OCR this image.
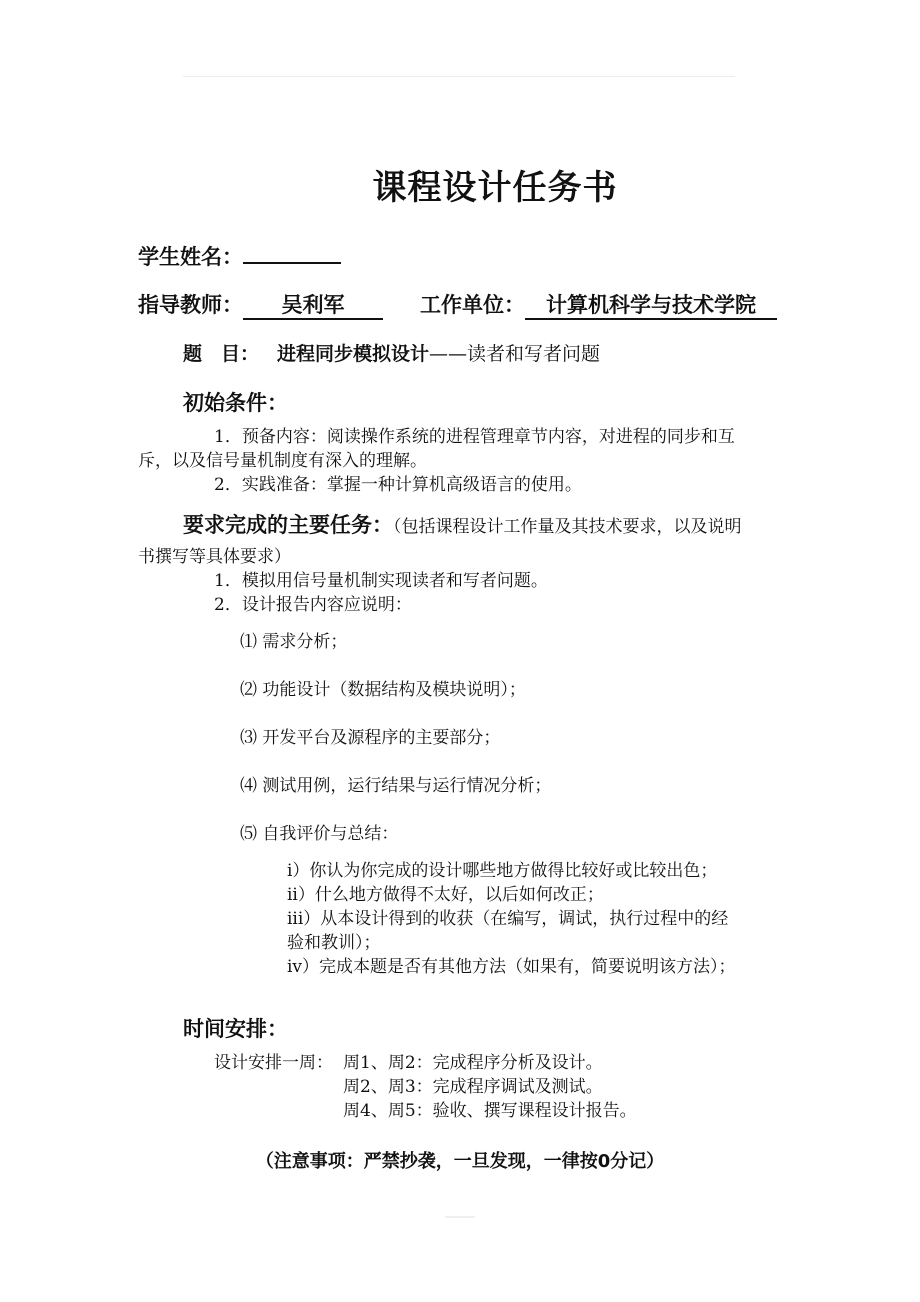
课程设计任务书
学生姓名：
指导教师： 吴利军	工作单位： 计算机科学与技术学院
题　目： 进程同步模拟设计——读者和写者问题
初始条件：
1．预备内容：阅读操作系统的进程管理章节内容，对进程的同步和互
斥，以及信号量机制度有深入的理解。
2．实践准备：掌握一种计算机高级语言的使用。
要求完成的主要任务：（包括课程设计工作量及其技术要求，以及说明
书撰写等具体要求）
1．模拟用信号量机制实现读者和写者问题。
2．设计报告内容应说明：
⑴ 需求分析；
⑵ 功能设计（数据结构及模块说明）；
⑶ 开发平台及源程序的主要部分；
⑷ 测试用例，运行结果与运行情况分析；
⑸ 自我评价与总结：
i）你认为你完成的设计哪些地方做得比较好或比较出色；
ii）什么地方做得不太好，以后如何改正；
iii）从本设计得到的收获（在编写，调试，执行过程中的经
验和教训）；
iv）完成本题是否有其他方法（如果有，简要说明该方法）；
时间安排：
设计安排一周： 周1、周2：完成程序分析及设计。
周2、周3：完成程序调试及测试。
周4、周5：验收、撰写课程设计报告。
（注意事项：严禁抄袭，一旦发现，一律按0分记）
